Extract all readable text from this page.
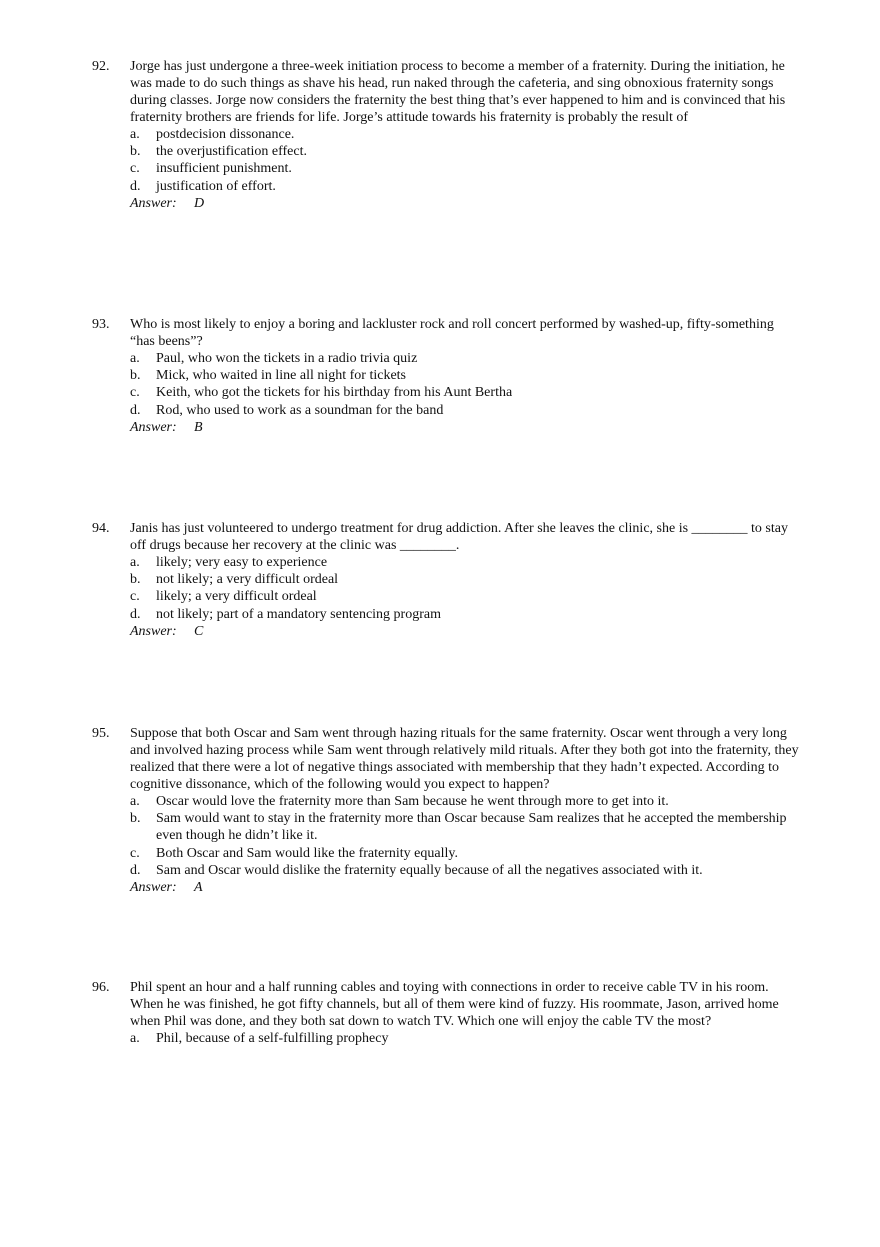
92.	Jorge has just undergone a three-week initiation process to become a member of a fraternity. During the initiation, he was made to do such things as shave his head, run naked through the cafeteria, and sing obnoxious fraternity songs during classes. Jorge now considers the fraternity the best thing that’s ever happened to him and is convinced that his fraternity brothers are friends for life. Jorge’s attitude towards his fraternity is probably the result of
a.	postdecision dissonance.
b.	the overjustification effect.
c.	insufficient punishment.
d.	justification of effort.
Answer: D
93.	Who is most likely to enjoy a boring and lackluster rock and roll concert performed by washed-up, fifty-something “has beens”?
a.	Paul, who won the tickets in a radio trivia quiz
b.	Mick, who waited in line all night for tickets
c.	Keith, who got the tickets for his birthday from his Aunt Bertha
d.	Rod, who used to work as a soundman for the band
Answer: B
94.	Janis has just volunteered to undergo treatment for drug addiction. After she leaves the clinic, she is ________ to stay off drugs because her recovery at the clinic was ________.
a.	likely; very easy to experience
b.	not likely; a very difficult ordeal
c.	likely; a very difficult ordeal
d.	not likely; part of a mandatory sentencing program
Answer: C
95.	Suppose that both Oscar and Sam went through hazing rituals for the same fraternity. Oscar went through a very long and involved hazing process while Sam went through relatively mild rituals. After they both got into the fraternity, they realized that there were a lot of negative things associated with membership that they hadn’t expected. According to cognitive dissonance, which of the following would you expect to happen?
a.	Oscar would love the fraternity more than Sam because he went through more to get into it.
b.	Sam would want to stay in the fraternity more than Oscar because Sam realizes that he accepted the membership even though he didn’t like it.
c.	Both Oscar and Sam would like the fraternity equally.
d.	Sam and Oscar would dislike the fraternity equally because of all the negatives associated with it.
Answer: A
96.	Phil spent an hour and a half running cables and toying with connections in order to receive cable TV in his room. When he was finished, he got fifty channels, but all of them were kind of fuzzy. His roommate, Jason, arrived home when Phil was done, and they both sat down to watch TV. Which one will enjoy the cable TV the most?
a.	Phil, because of a self-fulfilling prophecy
